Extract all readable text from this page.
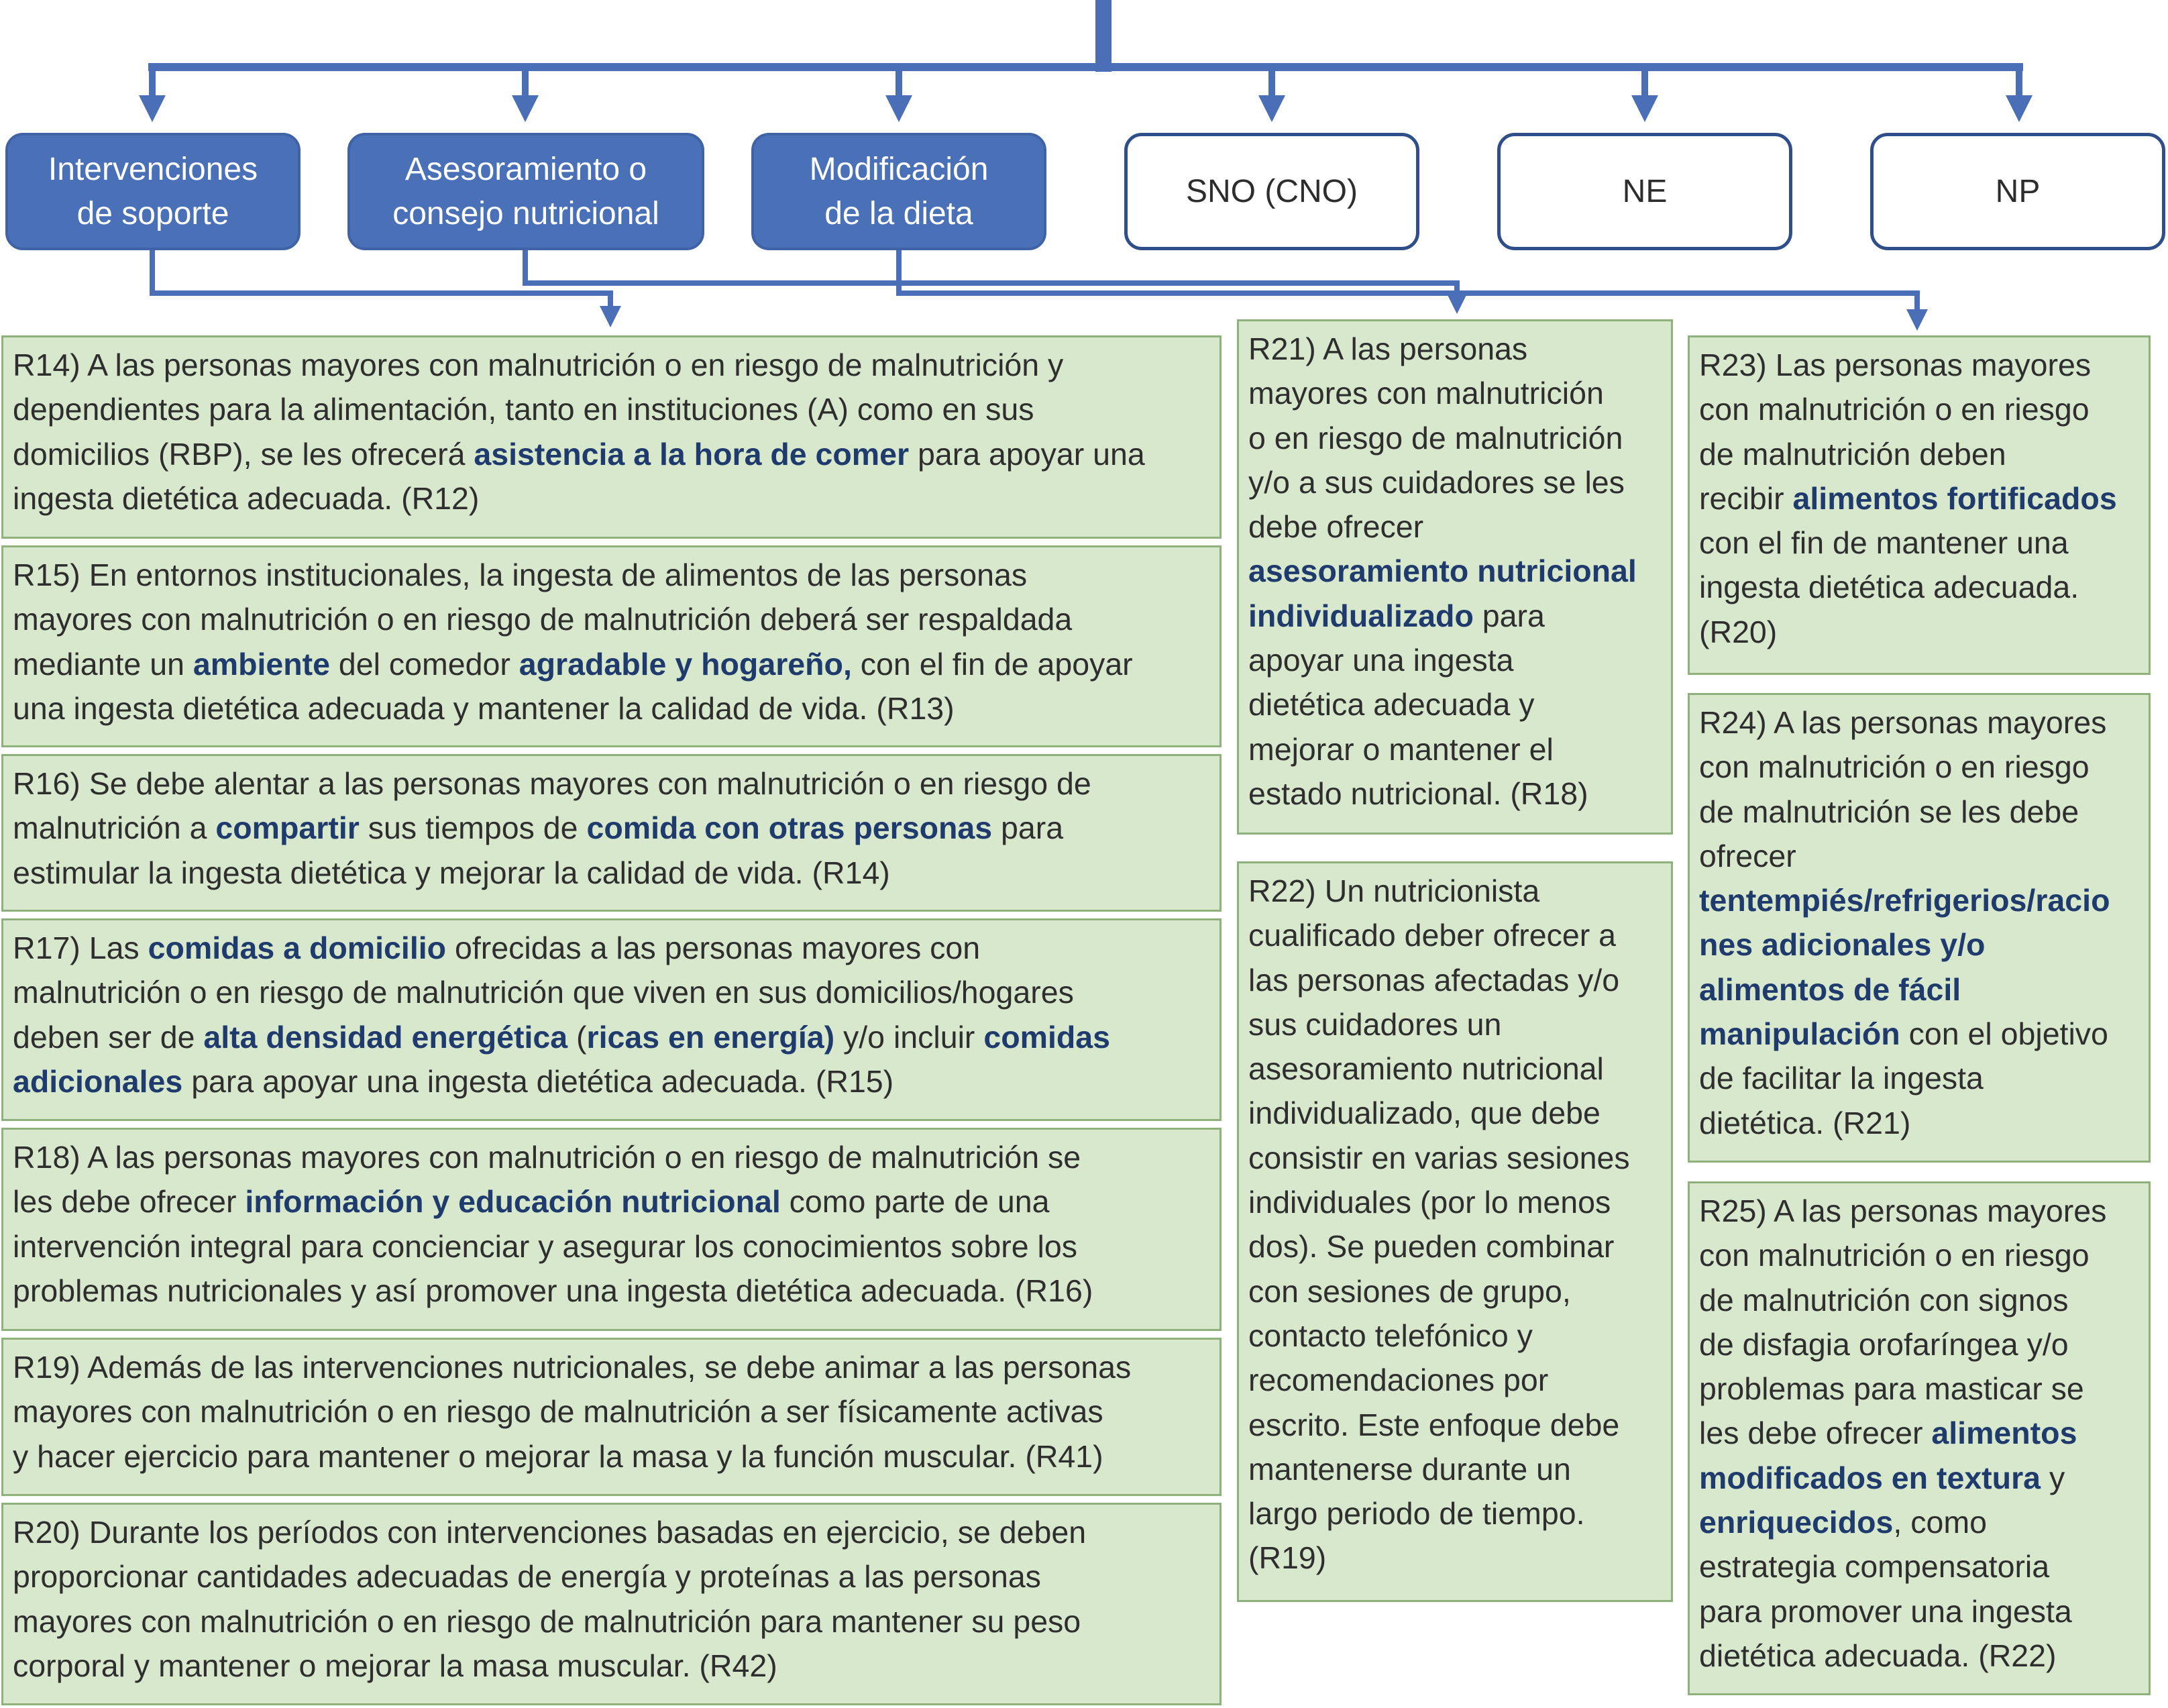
Intervenciones
de soporte
Asesoramiento o
consejo nutricional
Modificación
de la dieta
SNO (CNO)	NE	NP
R14) A las personas mayores con malnutrición o en riesgo de malnutrición y
dependientes para la alimentación, tanto en instituciones (A) como en sus
domicilios (RBP), se les ofrecerá asistencia a la hora de comer para apoyar una
ingesta dietética adecuada. (R12)
R15) En entornos institucionales, la ingesta de alimentos de las personas
mayores con malnutrición o en riesgo de malnutrición deberá ser respaldada
mediante un ambiente del comedor agradable y hogareño, con el fin de apoyar
una ingesta dietética adecuada y mantener la calidad de vida. (R13)
R16) Se debe alentar a las personas mayores con malnutrición o en riesgo de
malnutrición a compartir sus tiempos de comida con otras personas para
estimular la ingesta dietética y mejorar la calidad de vida. (R14)
R17) Las comidas a domicilio ofrecidas a las personas mayores con
malnutrición o en riesgo de malnutrición que viven en sus domicilios/hogares
deben ser de alta densidad energética (ricas en energía) y/o incluir comidas
adicionales para apoyar una ingesta dietética adecuada. (R15)
R18) A las personas mayores con malnutrición o en riesgo de malnutrición se
les debe ofrecer información y educación nutricional como parte de una
intervención integral para concienciar y asegurar los conocimientos sobre los
problemas nutricionales y así promover una ingesta dietética adecuada. (R16)
R19) Además de las intervenciones nutricionales, se debe animar a las personas
mayores con malnutrición o en riesgo de malnutrición a ser físicamente activas
y hacer ejercicio para mantener o mejorar la masa y la función muscular. (R41)
R20) Durante los períodos con intervenciones basadas en ejercicio, se deben
proporcionar cantidades adecuadas de energía y proteínas a las personas
mayores con malnutrición o en riesgo de malnutrición para mantener su peso
corporal y mantener o mejorar la masa muscular. (R42)
R21) A las personas
mayores con malnutrición
o en riesgo de malnutrición
y/o a sus cuidadores se les
debe ofrecer
asesoramiento nutricional
individualizado para
apoyar una ingesta
dietética adecuada y
mejorar o mantener el
estado nutricional. (R18)
R22) Un nutricionista
cualificado deber ofrecer a
las personas afectadas y/o
sus cuidadores un
asesoramiento nutricional
individualizado, que debe
consistir en varias sesiones
individuales (por lo menos
dos). Se pueden combinar
con sesiones de grupo,
contacto telefónico y
recomendaciones por
escrito. Este enfoque debe
mantenerse durante un
largo periodo de tiempo.
(R19)
R23) Las personas mayores
con malnutrición o en riesgo
de malnutrición deben
recibir alimentos fortificados
con el fin de mantener una
ingesta dietética adecuada.
(R20)
R24) A las personas mayores
con malnutrición o en riesgo
de malnutrición se les debe
ofrecer
tentempiés/refrigerios/racio
nes adicionales y/o
alimentos de fácil
manipulación con el objetivo
de facilitar la ingesta
dietética. (R21)
R25) A las personas mayores
con malnutrición o en riesgo
de malnutrición con signos
de disfagia orofaríngea y/o
problemas para masticar se
les debe ofrecer alimentos
modificados en textura y
enriquecidos, como
estrategia compensatoria
para promover una ingesta
dietética adecuada. (R22)
